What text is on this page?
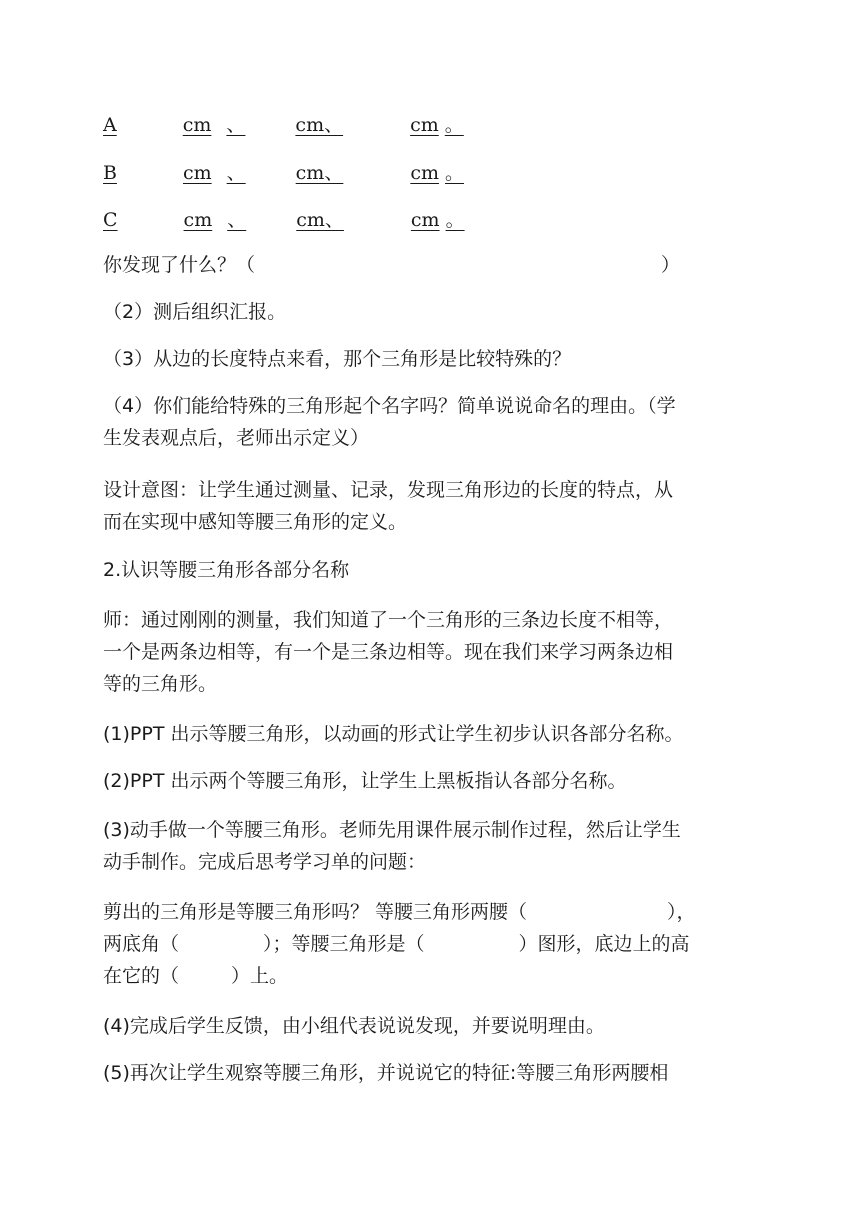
A	cm 、	cm、	cm 。
B	cm 、	cm、	cm 。
C	cm 、	cm、	cm 。
你发现了什么？（	）
（2）测后组织汇报。
（3）从边的长度特点来看，那个三角形是比较特殊的？
（4）你们能给特殊的三角形起个名字吗？简单说说命名的理由。（学
生发表观点后，老师出示定义）
设计意图：让学生通过测量、记录，发现三角形边的长度的特点，从
而在实现中感知等腰三角形的定义。
2.认识等腰三角形各部分名称
师：通过刚刚的测量，我们知道了一个三角形的三条边长度不相等，
一个是两条边相等，有一个是三条边相等。现在我们来学习两条边相
等的三角形。
(1)PPT 出示等腰三角形，以动画的形式让学生初步认识各部分名称。
(2)PPT 出示两个等腰三角形，让学生上黑板指认各部分名称。
(3)动手做一个等腰三角形。老师先用课件展示制作过程，然后让学生
动手制作。完成后思考学习单的问题：
剪出的三角形是等腰三角形吗？ 等腰三角形两腰（	），
两底角（	）；等腰三角形是（	）图形，底边上的高
在它的（	）上。
(4)完成后学生反馈，由小组代表说说发现，并要说明理由。
(5)再次让学生观察等腰三角形，并说说它的特征:等腰三角形两腰相
